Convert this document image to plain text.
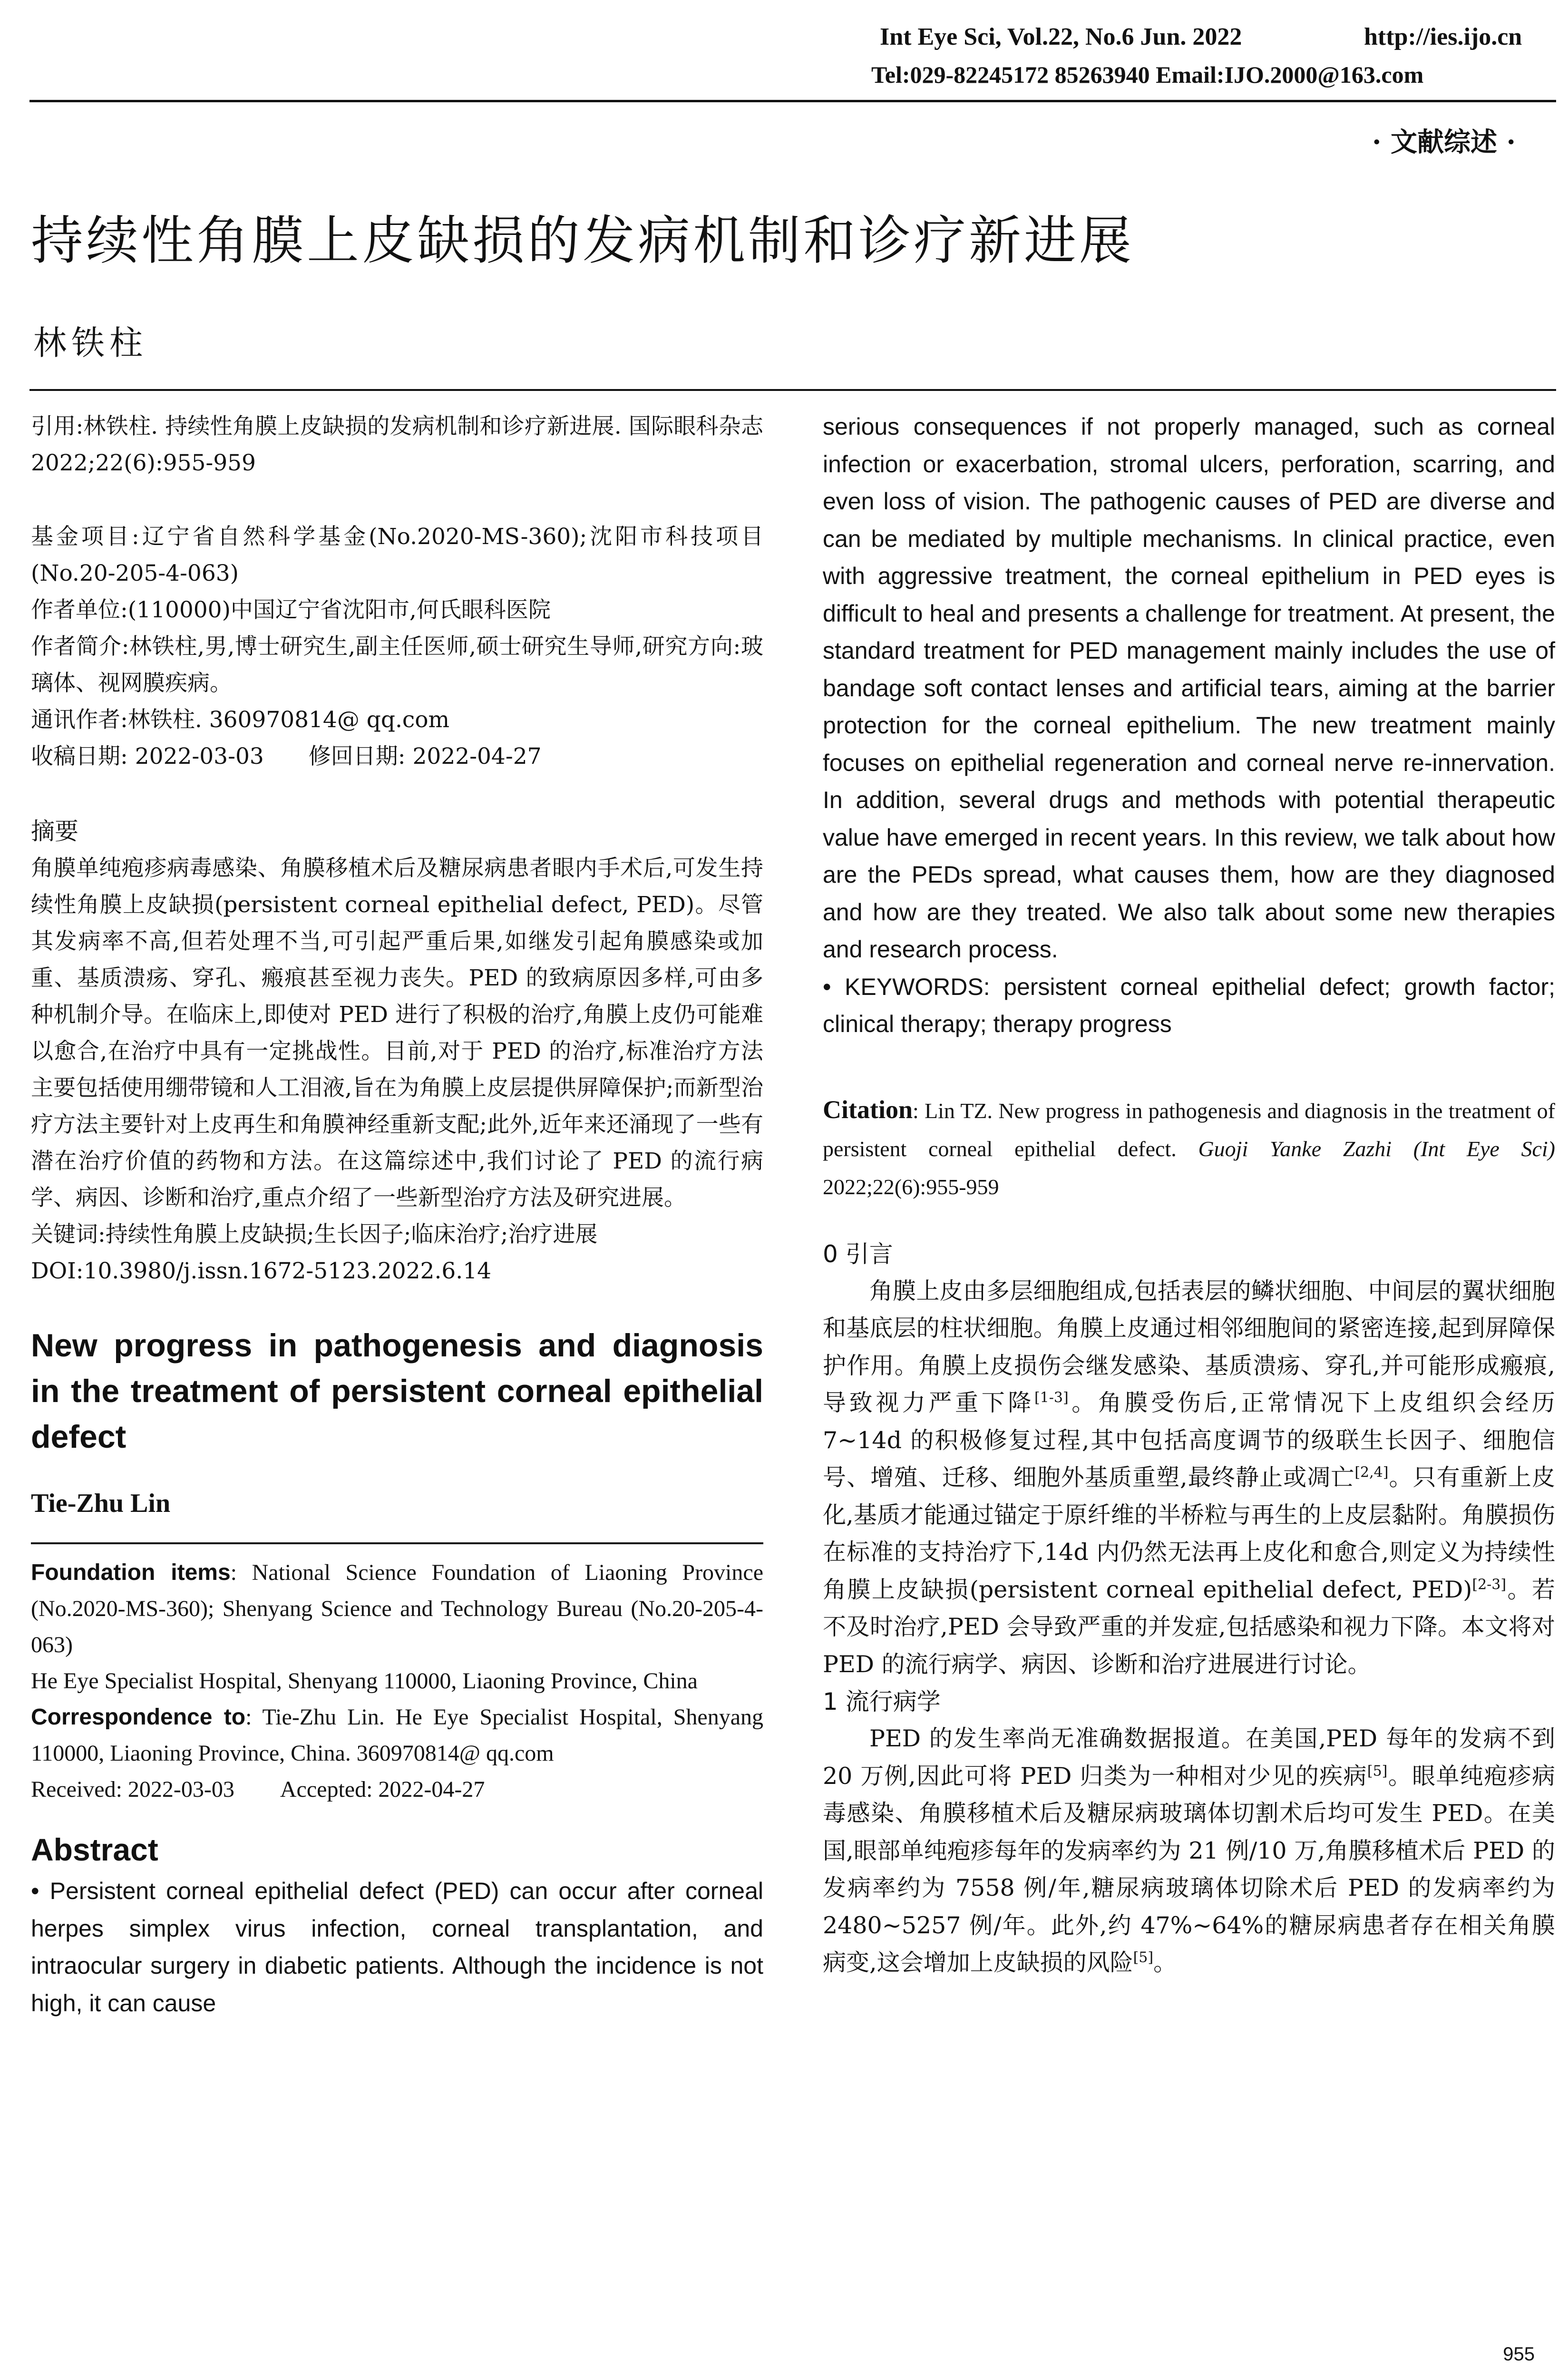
Int Eye Sci, Vol.22, No.6 Jun. 2022	http://ies.ijo.cn
Tel:029-82245172 85263940 Email:IJO.2000@163.com
· 文献综述 ·
持续性角膜上皮缺损的发病机制和诊疗新进展
林铁柱

引用:林铁柱. 持续性角膜上皮缺损的发病机制和诊疗新进展. 国际眼科杂志 2022;22(6):955-959

基金项目:辽宁省自然科学基金(No.2020-MS-360);沈阳市科技项目(No.20-205-4-063)

作者单位:(110000)中国辽宁省沈阳市,何氏眼科医院

作者简介:林铁柱,男,博士研究生,副主任医师,硕士研究生导师,研究方向:玻璃体、视网膜疾病。

通讯作者:林铁柱. 360970814@ qq.com

收稿日期: 2022-03-03　　修回日期: 2022-04-27

摘要

角膜单纯疱疹病毒感染、角膜移植术后及糖尿病患者眼内手术后,可发生持续性角膜上皮缺损(persistent corneal epithelial defect, PED)。尽管其发病率不高,但若处理不当,可引起严重后果,如继发引起角膜感染或加重、基质溃疡、穿孔、瘢痕甚至视力丧失。PED 的致病原因多样,可由多种机制介导。在临床上,即使对 PED 进行了积极的治疗,角膜上皮仍可能难以愈合,在治疗中具有一定挑战性。目前,对于 PED 的治疗,标准治疗方法主要包括使用绷带镜和人工泪液,旨在为角膜上皮层提供屏障保护;而新型治疗方法主要针对上皮再生和角膜神经重新支配;此外,近年来还涌现了一些有潜在治疗价值的药物和方法。在这篇综述中,我们讨论了 PED 的流行病学、病因、诊断和治疗,重点介绍了一些新型治疗方法及研究进展。

关键词:持续性角膜上皮缺损;生长因子;临床治疗;治疗进展

DOI:10.3980/j.issn.1672-5123.2022.6.14

New progress in pathogenesis and diagnosis in the treatment of persistent corneal epithelial defect

Tie-Zhu Lin

Foundation items: National Science Foundation of Liaoning Province (No.2020-MS-360); Shenyang Science and Technology Bureau (No.20-205-4-063)

He Eye Specialist Hospital, Shenyang 110000, Liaoning Province, China

Correspondence to: Tie-Zhu Lin. He Eye Specialist Hospital, Shenyang 110000, Liaoning Province, China. 360970814@ qq.com

Received: 2022-03-03　　Accepted: 2022-04-27

Abstract

• Persistent corneal epithelial defect (PED) can occur after corneal herpes simplex virus infection, corneal transplantation, and intraocular surgery in diabetic patients. Although the incidence is not high, it can cause

serious consequences if not properly managed, such as corneal infection or exacerbation, stromal ulcers, perforation, scarring, and even loss of vision. The pathogenic causes of PED are diverse and can be mediated by multiple mechanisms. In clinical practice, even with aggressive treatment, the corneal epithelium in PED eyes is difficult to heal and presents a challenge for treatment. At present, the standard treatment for PED management mainly includes the use of bandage soft contact lenses and artificial tears, aiming at the barrier protection for the corneal epithelium. The new treatment mainly focuses on epithelial regeneration and corneal nerve re-innervation. In addition, several drugs and methods with potential therapeutic value have emerged in recent years. In this review, we talk about how are the PEDs spread, what causes them, how are they diagnosed and how are they treated. We also talk about some new therapies and research process.

• KEYWORDS: persistent corneal epithelial defect; growth factor; clinical therapy; therapy progress

Citation: Lin TZ. New progress in pathogenesis and diagnosis in the treatment of persistent corneal epithelial defect. Guoji Yanke Zazhi (Int Eye Sci) 2022;22(6):955-959

0 引言

角膜上皮由多层细胞组成,包括表层的鳞状细胞、中间层的翼状细胞和基底层的柱状细胞。角膜上皮通过相邻细胞间的紧密连接,起到屏障保护作用。角膜上皮损伤会继发感染、基质溃疡、穿孔,并可能形成瘢痕,导致视力严重下降[1-3]。角膜受伤后,正常情况下上皮组织会经历 7~14d 的积极修复过程,其中包括高度调节的级联生长因子、细胞信号、增殖、迁移、细胞外基质重塑,最终静止或凋亡[2,4]。只有重新上皮化,基质才能通过锚定于原纤维的半桥粒与再生的上皮层黏附。角膜损伤在标准的支持治疗下,14d 内仍然无法再上皮化和愈合,则定义为持续性角膜上皮缺损(persistent corneal epithelial defect, PED)[2-3]。若不及时治疗,PED 会导致严重的并发症,包括感染和视力下降。本文将对 PED 的流行病学、病因、诊断和治疗进展进行讨论。

1 流行病学

PED 的发生率尚无准确数据报道。在美国,PED 每年的发病不到 20 万例,因此可将 PED 归类为一种相对少见的疾病[5]。眼单纯疱疹病毒感染、角膜移植术后及糖尿病玻璃体切割术后均可发生 PED。在美国,眼部单纯疱疹每年的发病率约为 21 例/10 万,角膜移植术后 PED 的发病率约为 7558 例/年,糖尿病玻璃体切除术后 PED 的发病率约为 2480~5257 例/年。此外,约 47%~64%的糖尿病患者存在相关角膜病变,这会增加上皮缺损的风险[5]。

955
